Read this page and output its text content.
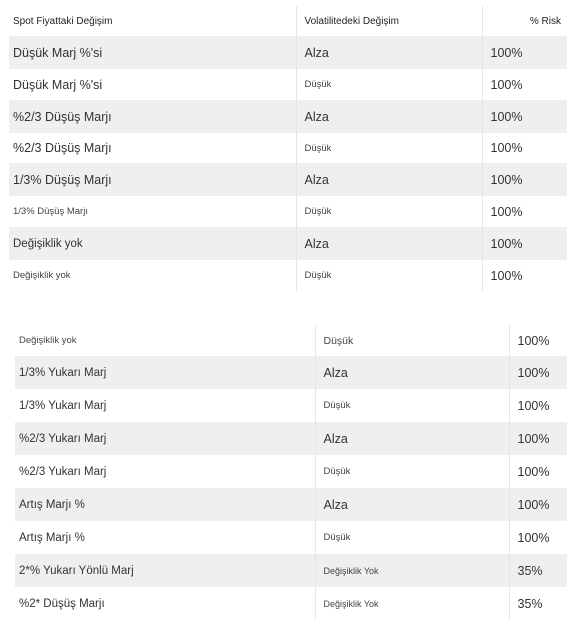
Spot Fiyattaki Değişim	Volatilitedeki Değişim	% Risk
Düşük Marj %'si	Alza	100%
Düşük Marj %'si	Düşük	100%
%2/3 Düşüş Marjı	Alza	100%
%2/3 Düşüş Marjı	Düşük	100%
1/3% Düşüş Marjı	Alza	100%
1/3% Düşüş Marjı	Düşük	100%
Değişiklik yok	Alza	100%
Değişiklik yok	Düşük	100%
Değişiklik yok	Düşük	100%
1/3% Yukarı Marj	Alza	100%
1/3% Yukarı Marj	Düşük	100%
%2/3 Yukarı Marj	Alza	100%
%2/3 Yukarı Marj	Düşük	100%
Artış Marjı %	Alza	100%
Artış Marjı %	Düşük	100%
2*% Yukarı Yönlü Marj	Değişiklik Yok	35%
%2* Düşüş Marjı	Değişiklik Yok	35%
